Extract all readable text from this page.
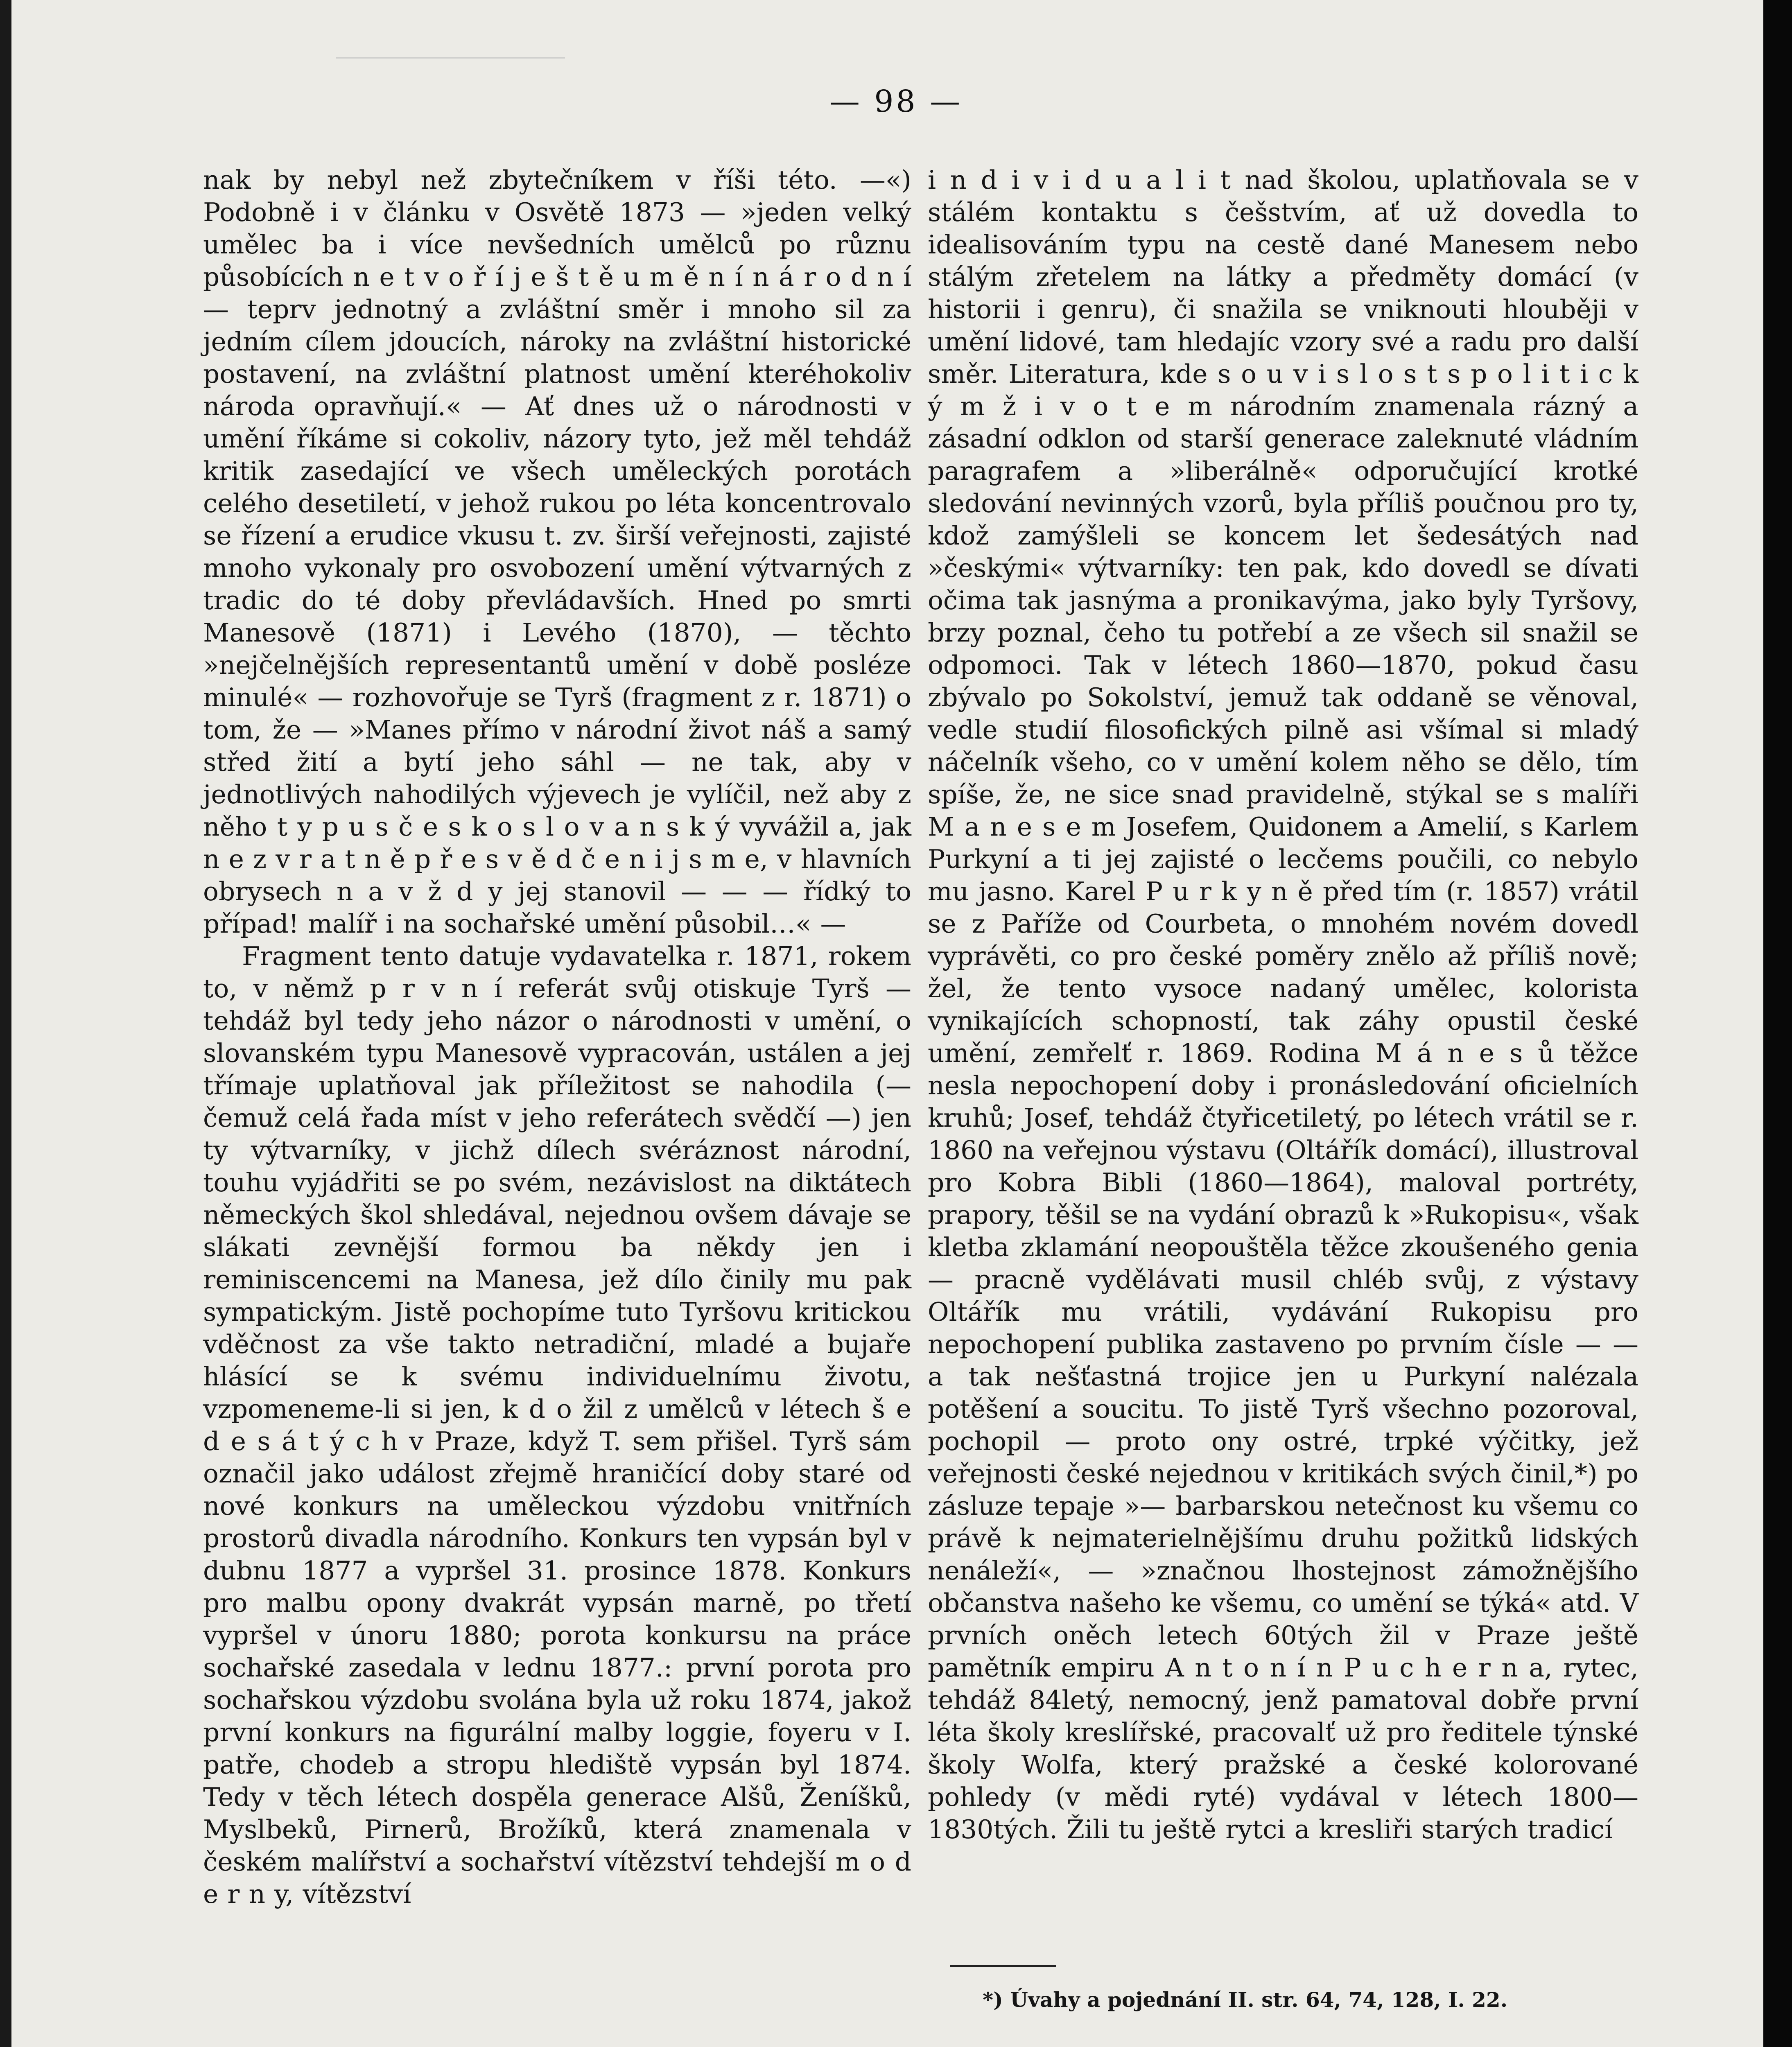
— 98 —

nak by nebyl než zbytečníkem v říši této. —«) Podobně i v článku v Osvětě 1873 — »jeden velký umělec ba i více nevšedních umělců po různu působících n e t v o ř í j e š t ě u m ě n í n á r o d n í — teprv jednotný a zvláštní směr i mnoho sil za jedním cílem jdoucích, nároky na zvláštní historické postavení, na zvláštní platnost umění kteréhokoliv národa opravňují.« — Ať dnes už o národnosti v umění říkáme si cokoliv, názory tyto, jež měl tehdáž kritik zasedající ve všech uměleckých porotách celého desetiletí, v jehož rukou po léta koncentrovalo se řízení a erudice vkusu t. zv. širší veřejnosti, zajisté mnoho vykonaly pro osvobození umění výtvarných z tradic do té doby převládavších. Hned po smrti Manesově (1871) i Levého (1870), — těchto »nejčelnějších representantů umění v době posléze minulé« — rozhovořuje se Tyrš (fragment z r. 1871) o tom, že — »Manes přímo v národní život náš a samý střed žití a bytí jeho sáhl — ne tak, aby v jednotlivých nahodilých výjevech je vylíčil, než aby z něho t y p u s č e s k o s l o v a n s k ý vyvážil a, jak n e z v r a t n ě p ř e s v ě d č e n i j s m e, v hlavních obrysech n a v ž d y jej stanovil — — — řídký to případ! malíř i na sochařské umění působil…« —

Fragment tento datuje vydavatelka r. 1871, rokem to, v němž p r v n í referát svůj otiskuje Tyrš — tehdáž byl tedy jeho názor o národnosti v umění, o slovanském typu Manesově vypracován, ustálen a jej třímaje uplatňoval jak příležitost se nahodila (— čemuž celá řada míst v jeho referátech svědčí —) jen ty výtvarníky, v jichž dílech svéráznost národní, touhu vyjádřiti se po svém, nezávislost na diktátech německých škol shledával, nejednou ovšem dávaje se slákati zevnější formou ba někdy jen i reminiscencemi na Manesa, jež dílo činily mu pak sympatickým. Jistě pochopíme tuto Tyršovu kritickou vděčnost za vše takto netradiční, mladé a bujaře hlásící se k svému individuelnímu životu, vzpomeneme-li si jen, k d o žil z umělců v létech š e d e s á t ý c h v Praze, když T. sem přišel. Tyrš sám označil jako událost zřejmě hraničící doby staré od nové konkurs na uměleckou výzdobu vnitřních prostorů divadla národního. Konkurs ten vypsán byl v dubnu 1877 a vypršel 31. prosince 1878. Konkurs pro malbu opony dvakrát vypsán marně, po třetí vypršel v únoru 1880; porota konkursu na práce sochařské zasedala v lednu 1877.: první porota pro sochařskou výzdobu svolána byla už roku 1874, jakož první konkurs na figurální malby loggie, foyeru v I. patře, chodeb a stropu hlediště vypsán byl 1874. Tedy v těch létech dospěla generace Alšů, Ženíšků, Myslbeků, Pirnerů, Brožíků, která znamenala v českém malířství a sochařství vítězství tehdejší m o d e r n y, vítězství

i n d i v i d u a l i t nad školou, uplatňovala se v stálém kontaktu s češstvím, ať už dovedla to idealisováním typu na cestě dané Manesem nebo stálým zřetelem na látky a předměty domácí (v historii i genru), či snažila se vniknouti hlouběji v umění lidové, tam hledajíc vzory své a radu pro další směr. Literatura, kde s o u v i s l o s t s p o l i t i c k ý m ž i v o t e m národním znamenala rázný a zásadní odklon od starší generace zaleknuté vládním paragrafem a »liberálně« odporučující krotké sledování nevinných vzorů, byla příliš poučnou pro ty, kdož zamýšleli se koncem let šedesátých nad »českými« výtvarníky: ten pak, kdo dovedl se dívati očima tak jasnýma a pronikavýma, jako byly Tyršovy, brzy poznal, čeho tu potřebí a ze všech sil snažil se odpomoci. Tak v létech 1860—1870, pokud času zbývalo po Sokolství, jemuž tak oddaně se věnoval, vedle studií filosofických pilně asi všímal si mladý náčelník všeho, co v umění kolem něho se dělo, tím spíše, že, ne sice snad pravidelně, stýkal se s malíři M a n e s e m Josefem, Quidonem a Amelií, s Karlem Purkyní a ti jej zajisté o lecčems poučili, co nebylo mu jasno. Karel P u r k y n ě před tím (r. 1857) vrátil se z Paříže od Courbeta, o mnohém novém dovedl vyprávěti, co pro české poměry znělo až příliš nově; žel, že tento vysoce nadaný umělec, kolorista vynikajících schopností, tak záhy opustil české umění, zemřelť r. 1869. Rodina M á n e s ů těžce nesla nepochopení doby i pronásledování oficielních kruhů; Josef, tehdáž čtyřicetiletý, po létech vrátil se r. 1860 na veřejnou výstavu (Oltářík domácí), illustroval pro Kobra Bibli (1860—1864), maloval portréty, prapory, těšil se na vydání obrazů k »Rukopisu«, však kletba zklamání neopouštěla těžce zkoušeného genia — pracně vydělávati musil chléb svůj, z výstavy Oltářík mu vrátili, vydávání Rukopisu pro nepochopení publika zastaveno po prvním čísle — — a tak nešťastná trojice jen u Purkyní nalézala potěšení a soucitu. To jistě Tyrš všechno pozoroval, pochopil — proto ony ostré, trpké výčitky, jež veřejnosti české nejednou v kritikách svých činil,*) po zásluze tepaje »— barbarskou netečnost ku všemu co právě k nejmaterielnějšímu druhu požitků lidských nenáleží«, — »značnou lhostejnost zámožnějšího občanstva našeho ke všemu, co umění se týká« atd. V prvních oněch letech 60tých žil v Praze ještě pamětník empiru A n t o n í n P u c h e r n a, rytec, tehdáž 84letý, nemocný, jenž pamatoval dobře první léta školy kreslířské, pracovalť už pro ředitele týnské školy Wolfa, který pražské a české kolorované pohledy (v mědi ryté) vydával v létech 1800—1830tých. Žili tu ještě rytci a kresliři starých tradicí

*) Úvahy a pojednání II. str. 64, 74, 128, I. 22.
